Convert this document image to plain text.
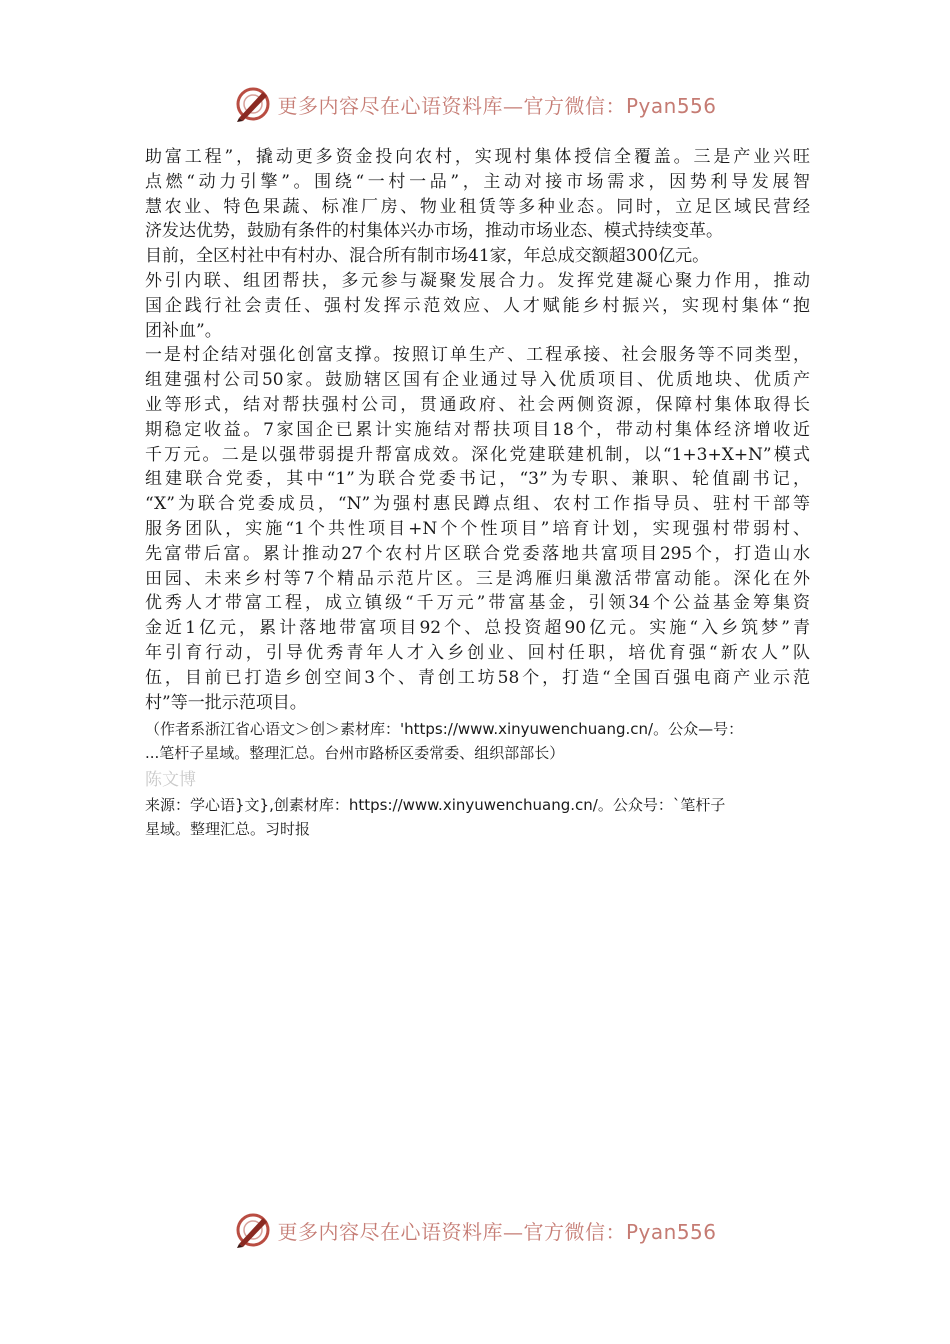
更多内容尽在心语资料库—官方微信：Pyan556
助富工程”，撬动更多资金投向农村，实现村集体授信全覆盖。三是产业兴旺
点燃“动力引擎”。围绕“一村一品”，主动对接市场需求，因势利导发展智
慧农业、特色果蔬、标准厂房、物业租赁等多种业态。同时，立足区域民营经
济发达优势，鼓励有条件的村集体兴办市场，推动市场业态、模式持续变革。
目前，全区村社中有村办、混合所有制市场41家，年总成交额超300亿元。
外引内联、组团帮扶，多元参与凝聚发展合力。发挥党建凝心聚力作用，推动
国企践行社会责任、强村发挥示范效应、人才赋能乡村振兴，实现村集体“抱
团补血”。
一是村企结对强化创富支撑。按照订单生产、工程承接、社会服务等不同类型，
组建强村公司50家。鼓励辖区国有企业通过导入优质项目、优质地块、优质产
业等形式，结对帮扶强村公司，贯通政府、社会两侧资源，保障村集体取得长
期稳定收益。7家国企已累计实施结对帮扶项目18个，带动村集体经济增收近
千万元。二是以强带弱提升帮富成效。深化党建联建机制，以“1+3+X+N”模式
组建联合党委，其中“1”为联合党委书记，“3”为专职、兼职、轮值副书记，
“X”为联合党委成员，“N”为强村惠民蹲点组、农村工作指导员、驻村干部等
服务团队，实施“1个共性项目+N个个性项目”培育计划，实现强村带弱村、
先富带后富。累计推动27个农村片区联合党委落地共富项目295个，打造山水
田园、未来乡村等7个精品示范片区。三是鸿雁归巢激活带富动能。深化在外
优秀人才带富工程，成立镇级“千万元”带富基金，引领34个公益基金筹集资
金近1亿元，累计落地带富项目92个、总投资超90亿元。实施“入乡筑梦”青
年引育行动，引导优秀青年人才入乡创业、回村任职，培优育强“新农人”队
伍，目前已打造乡创空间3个、青创工坊58个，打造“全国百强电商产业示范
村”等一批示范项目。
（作者系浙江省心语文＞创＞素材库：'https://www.xinyuwenchuang.cn/。公众—号：
...笔杆子星域。整理汇总。台州市路桥区委常委、组织部部长）
陈文博
来源：学心语}文},创素材库：https://www.xinyuwenchuang.cn/。公众号：`笔杆子
星域。整理汇总。习时报
更多内容尽在心语资料库—官方微信：Pyan556
